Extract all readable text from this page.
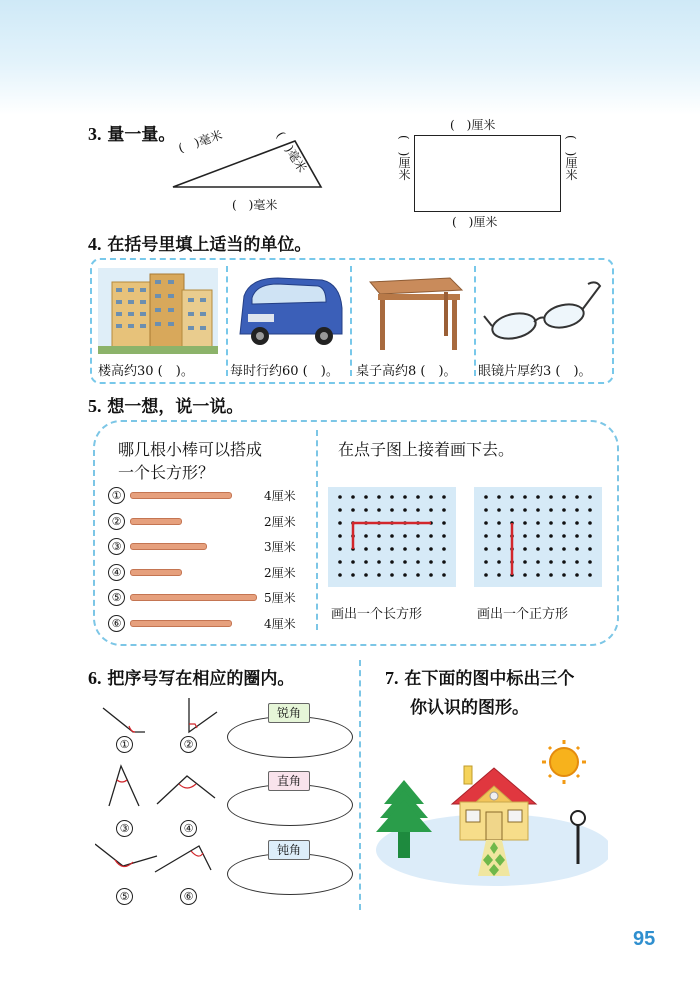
3. 量一量。 (　)毫米	(　)毫米
(　)毫米
(　)厘米
(　)厘米
(　)厘米	(　)厘米
4. 在括号里填上适当的单位。
楼高约30 (　)。	每时行约60 (　)。 桌子高约8 (　)。 眼镜片厚约3 (　)。
5. 想一想，说一说。
哪几根小棒可以搭成
一个长方形？
在点子图上接着画下去。
①	4厘米
②	2厘米
③	3厘米
④	2厘米
⑤	5厘米
⑥	4厘米
画出一个长方形	画出一个正方形
6. 把序号写在相应的圈内。
①	②
③	④
⑤	⑥
锐角
直角
钝角
7. 在下面的图中标出三个
你认识的图形。
95
